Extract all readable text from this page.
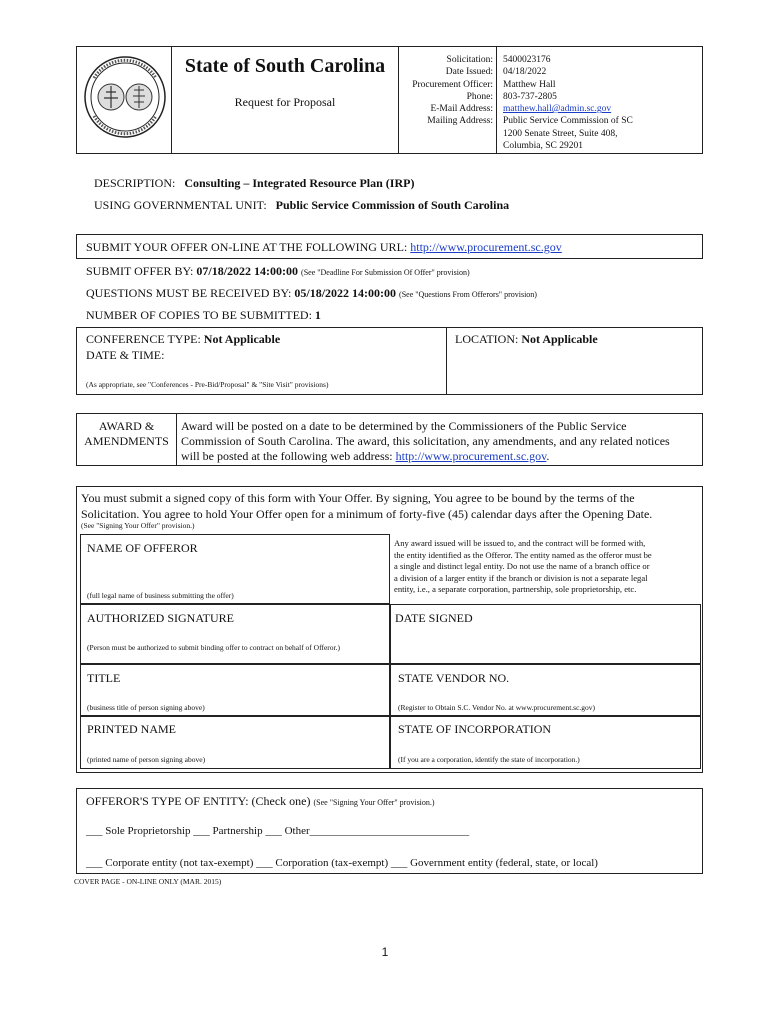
State of South Carolina
Request for Proposal
Solicitation:
Date Issued:
Procurement Officer:
Phone:
E-Mail Address:
Mailing Address:
5400023176
04/18/2022
Matthew Hall
803-737-2805
matthew.hall@admin.sc.gov
Public Service Commission of SC
1200 Senate Street, Suite 408,
Columbia, SC 29201
DESCRIPTION: Consulting – Integrated Resource Plan (IRP)
USING GOVERNMENTAL UNIT: Public Service Commission of South Carolina
SUBMIT YOUR OFFER ON-LINE AT THE FOLLOWING URL: http://www.procurement.sc.gov
SUBMIT OFFER BY: 07/18/2022 14:00:00 (See "Deadline For Submission Of Offer" provision)
QUESTIONS MUST BE RECEIVED BY: 05/18/2022 14:00:00 (See "Questions From Offerors" provision)
NUMBER OF COPIES TO BE SUBMITTED: 1
CONFERENCE TYPE: Not Applicable
DATE & TIME:
(As appropriate, see "Conferences - Pre-Bid/Proposal" & "Site Visit" provisions)
LOCATION: Not Applicable
AWARD &
AMENDMENTS
Award will be posted on a date to be determined by the Commissioners of the Public Service
Commission of South Carolina. The award, this solicitation, any amendments, and any related notices
will be posted at the following web address: http://www.procurement.sc.gov.
You must submit a signed copy of this form with Your Offer. By signing, You agree to be bound by the terms of the
Solicitation. You agree to hold Your Offer open for a minimum of forty-five (45) calendar days after the Opening Date.
(See "Signing Your Offer" provision.)
NAME OF OFFEROR
(full legal name of business submitting the offer)
Any award issued will be issued to, and the contract will be formed with,
the entity identified as the Offeror. The entity named as the offeror must be
a single and distinct legal entity. Do not use the name of a branch office or
a division of a larger entity if the branch or division is not a separate legal
entity, i.e., a separate corporation, partnership, sole proprietorship, etc.
AUTHORIZED SIGNATURE
(Person must be authorized to submit binding offer to contract on behalf of Offeror.)
DATE SIGNED
TITLE
(business title of person signing above)
STATE VENDOR NO.
(Register to Obtain S.C. Vendor No. at www.procurement.sc.gov)
PRINTED NAME
(printed name of person signing above)
STATE OF INCORPORATION
(If you are a corporation, identify the state of incorporation.)
OFFEROR'S TYPE OF ENTITY: (Check one) (See "Signing Your Offer" provision.)
___ Sole Proprietorship ___ Partnership ___ Other_____________________________
___ Corporate entity (not tax-exempt) ___ Corporation (tax-exempt) ___ Government entity (federal, state, or local)
COVER PAGE - ON-LINE ONLY (MAR. 2015)
1
